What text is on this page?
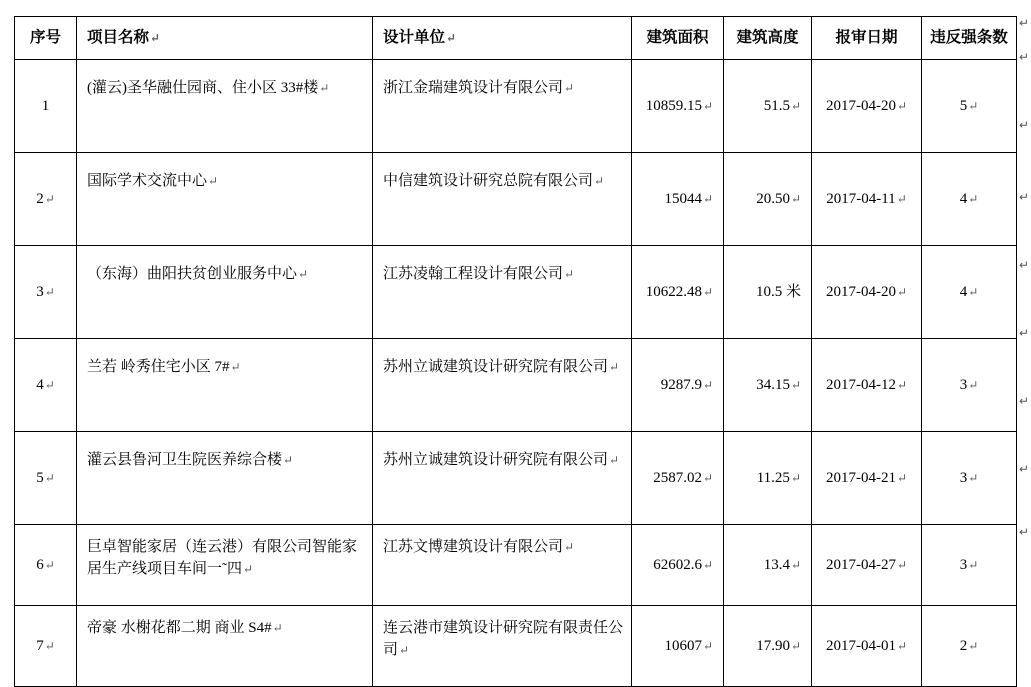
序号	项目名称↵	设计单位↵	建筑面积	建筑高度	报审日期	违反强条数

1	(灌云)圣华融仕园商、住小区 33#楼↵	浙江金瑞建筑设计有限公司↵	10859.15 ↵	51.5 ↵	2017-04-20 ↵	5 ↵

2 ↵	国际学术交流中心↵	中信建筑设计研究总院有限公司↵	15044 ↵	20.50 ↵	2017-04-11 ↵	4 ↵

3 ↵	（东海）曲阳扶贫创业服务中心↵	江苏凌翰工程设计有限公司↵	10622.48 ↵	10.5 米	2017-04-20 ↵	4 ↵

4 ↵	兰若 岭秀住宅小区 7#↵	苏州立诚建筑设计研究院有限公司↵	9287.9 ↵	34.15 ↵	2017-04-12 ↵	3 ↵

5 ↵	灌云县鲁河卫生院医养综合楼↵	苏州立诚建筑设计研究院有限公司↵	2587.02 ↵	11.25 ↵	2017-04-21 ↵	3 ↵

6 ↵	巨卓智能家居（连云港）有限公司智能家居生产线项目车间一˜四↵	江苏文博建筑设计有限公司↵	62602.6 ↵	13.4 ↵	2017-04-27 ↵	3 ↵

7 ↵	帝豪 水榭花都二期 商业 S4#↵	连云港市建筑设计研究院有限责任公司↵	10607 ↵	17.90 ↵	2017-04-01 ↵	2 ↵
↵
↵
↵
↵
↵
↵
↵
↵
↵
